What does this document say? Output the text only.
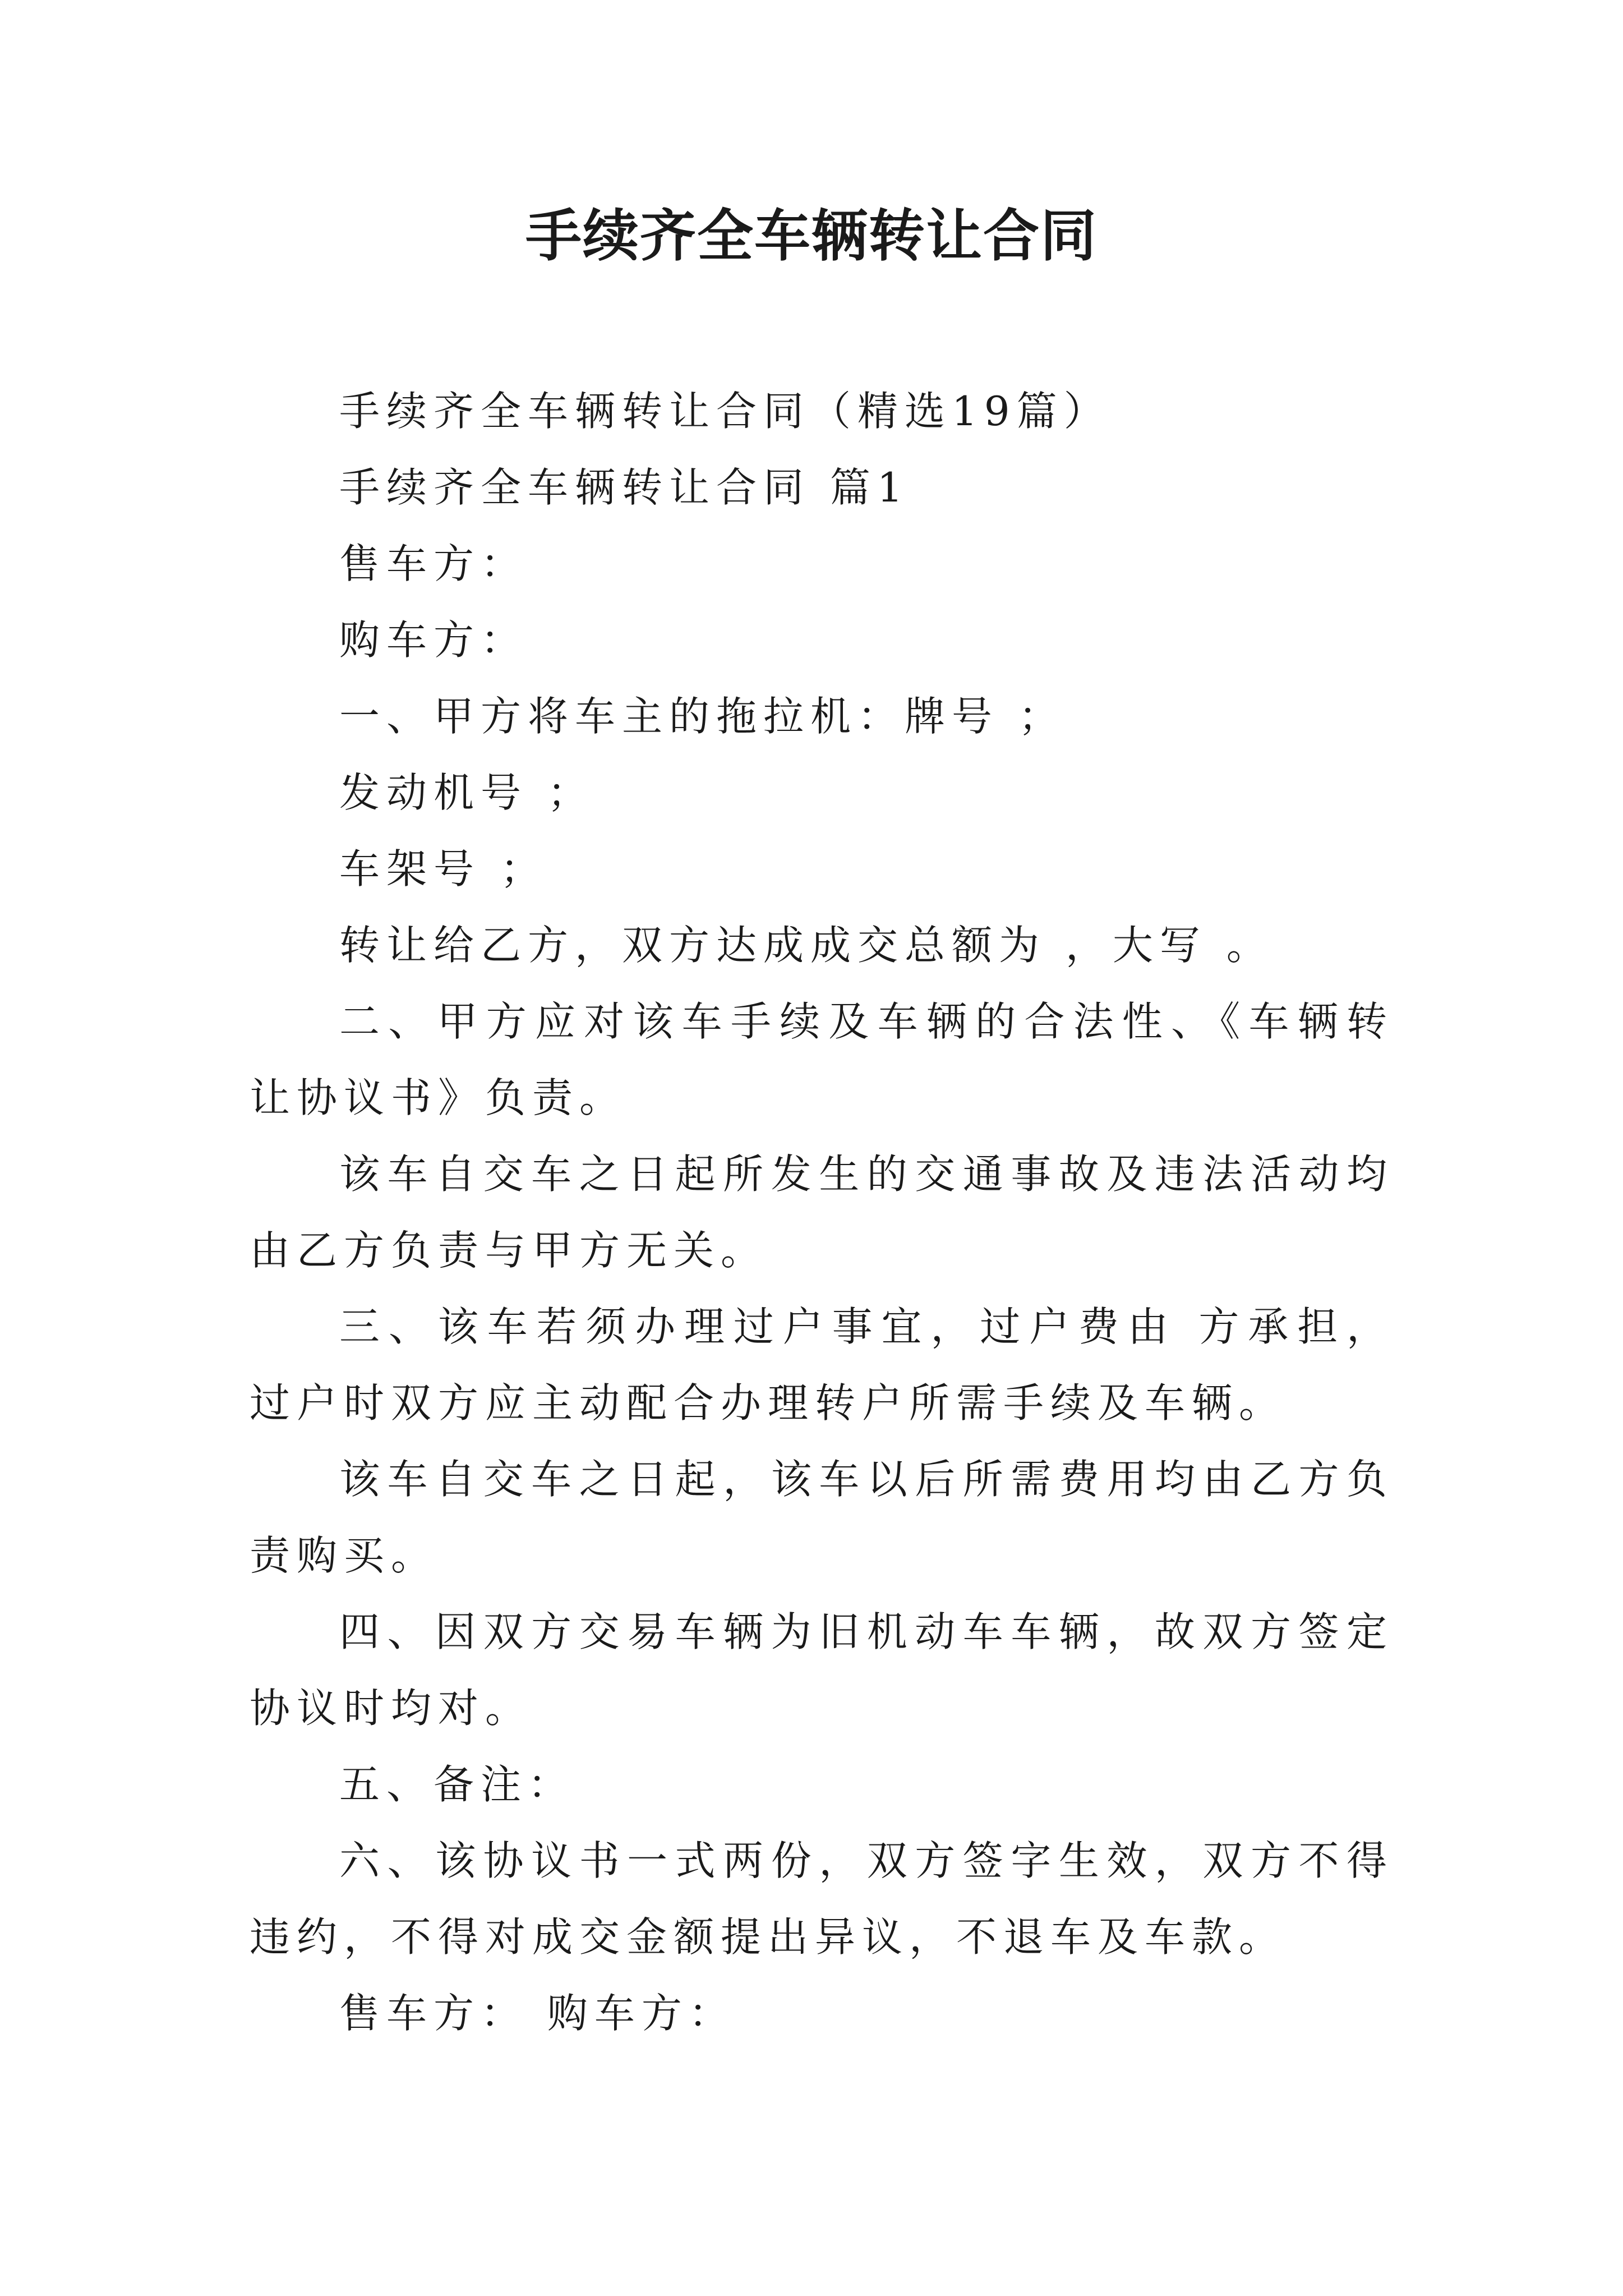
手续齐全车辆转让合同

手续齐全车辆转让合同（精选19篇）

手续齐全车辆转让合同 篇1

售车方：

购车方：

一、甲方将车主的拖拉机：牌号 ；

发动机号 ；

车架号 ；

转让给乙方，双方达成成交总额为 ，大写 。

二、甲方应对该车手续及车辆的合法性、《车辆转让协议书》负责。

该车自交车之日起所发生的交通事故及违法活动均由乙方负责与甲方无关。

三、该车若须办理过户事宜，过户费由 方承担，过户时双方应主动配合办理转户所需手续及车辆。

该车自交车之日起，该车以后所需费用均由乙方负责购买。

四、因双方交易车辆为旧机动车车辆，故双方签定协议时均对。

五、备注：

六、该协议书一式两份，双方签字生效，双方不得违约，不得对成交金额提出异议，不退车及车款。

售车方： 购车方：
